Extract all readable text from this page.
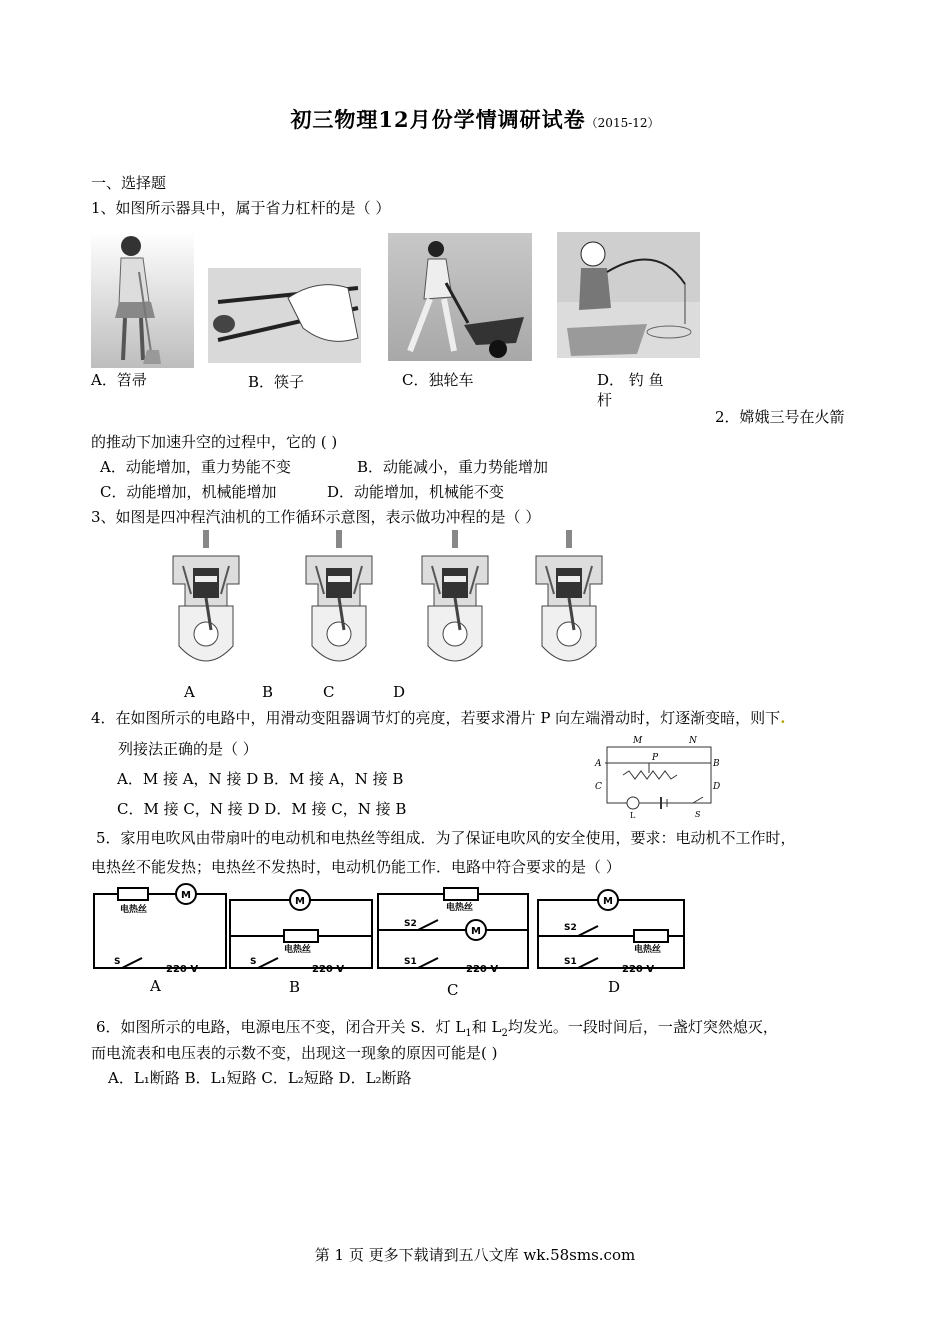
初三物理12月份学情调研试卷（2015-12）
一、选择题
1、如图所示器具中，属于省力杠杆的是（ ）
A．笤帚	B．筷子	C．独轮车	D． 钓 鱼
杆
2．嫦娥三号在火箭
的推动下加速升空的过程中，它的 ( )
A．动能增加，重力势能不变	B．动能减小，重力势能增加
C．动能增加，机械能增加	D．动能增加，机械能不变
3、如图是四冲程汽油机的工作循环示意图，表示做功冲程的是（ ）
A	B	C	D
4．在如图所示的电路中，用滑动变阻器调节灯的亮度，若要求滑片 P 向左端滑动时，灯逐渐变暗，则下.
列接法正确的是（ ）
A．M 接 A，N 接 D B．M 接 A，N 接 B
C．M 接 C，N 接 D D．M 接 C，N 接 B
M	N
A	B
C	D
P
L	S
5．家用电吹风由带扇叶的电动机和电热丝等组成．为了保证电吹风的安全使用，要求：电动机不工作时，
电热丝不能发热；电热丝不发热时，电动机仍能工作．电路中符合要求的是（ ）
电热丝
M
S
220 V
M
电热丝
S
220 V
电热丝
M
S2
S1
220 V
M
电热丝
S2
S1
220 V
A	B	C	D
6．如图所示的电路，电源电压不变，闭合开关 S．灯 $L_1$和 $L_2$均发光。一段时间后，一盏灯突然熄灭，
而电流表和电压表的示数不变，出现这一现象的原因可能是( )
A．L₁断路 B．L₁短路 C．L₂短路 D．L₂断路
第 1 页 更多下载请到五八文库 wk.58sms.com
